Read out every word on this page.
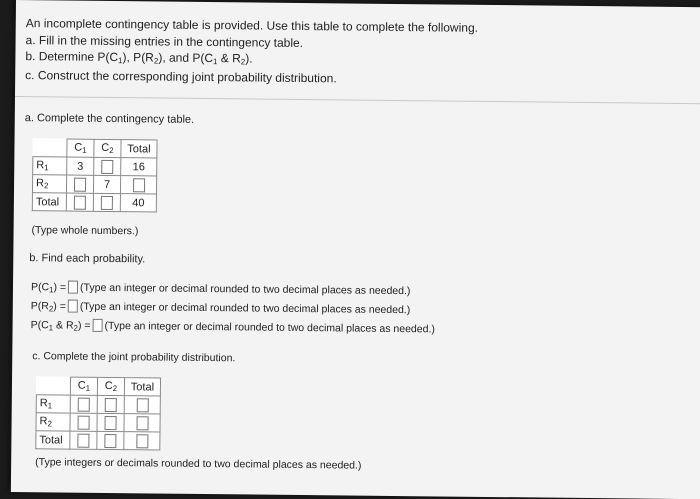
An incomplete contingency table is provided. Use this table to complete the following.
a. Fill in the missing entries in the contingency table.
b. Determine $P(C_1)$, $P(R_2)$, and $P(C_1$ & $R_2$).
c. Construct the corresponding joint probability distribution.
a. Complete the contingency table.
	$C_1$	$C_2$	Total
$R_1$	3		16
$R_2$		7	
Total			40
(Type whole numbers.)
b. Find each probability.
$P(C_1)$ = (Type an integer or decimal rounded to two decimal places as needed.)
$P(R_2)$ = (Type an integer or decimal rounded to two decimal places as needed.)
$P(C_1$ & $R_2$) = (Type an integer or decimal rounded to two decimal places as needed.)
c. Complete the joint probability distribution.
	$C_1$	$C_2$	Total
$R_1$			
$R_2$			
Total			
(Type integers or decimals rounded to two decimal places as needed.)
